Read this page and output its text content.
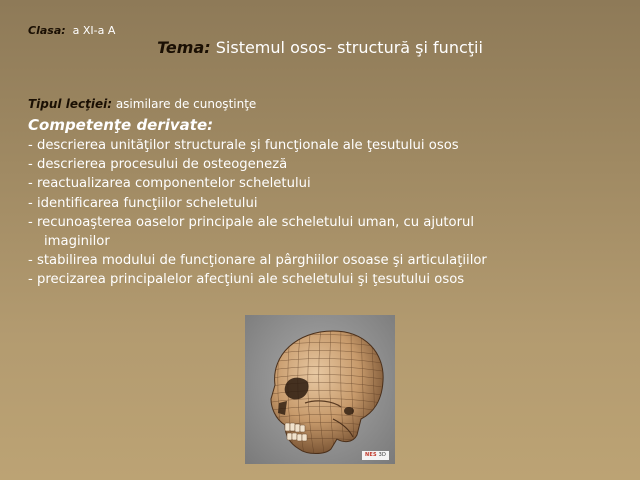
Clasa: a XI-a A
Tema: Sistemul osos- structură şi funcţii
Tipul lecţiei: asimilare de cunoştinţe
Competenţe derivate:
- descrierea unităţilor structurale şi funcţionale ale ţesutului osos
- descrierea procesului de osteogeneză
- reactualizarea componentelor scheletului
- identificarea funcţiilor scheletului
- recunoaşterea oaselor principale ale scheletului uman, cu ajutorul
imaginilor
- stabilirea modului de funcţionare al pârghiilor osoase şi articulaţiilor
- precizarea principalelor afecţiuni ale scheletului şi ţesutului osos
NES 3D
